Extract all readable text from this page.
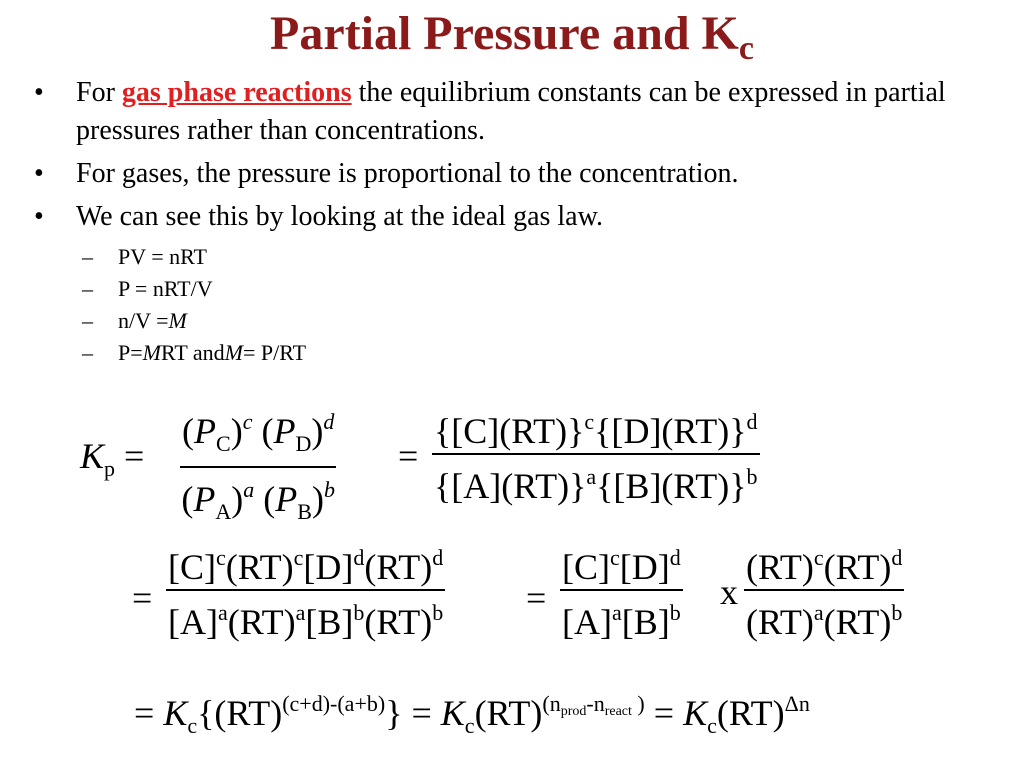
Partial Pressure and $K_c$
•	For gas phase reactions the equilibrium constants can be expressed in partial pressures rather than concentrations.
•	For gases, the pressure is proportional to the concentration.
•	We can see this by looking at the ideal gas law.
–	PV = nRT
–	P = nRT/V
–	n/V = M
–	P= M RT and M = P/RT
$K_p = \frac{(P_C)^c (P_D)^d}{(P_A)^a (P_B)^b} = \frac{\{[C](RT)\}^c\{[D](RT)\}^d}{\{[A](RT)\}^a\{[B](RT)\}^b}$
= $\frac{[C]^c(RT)^c[D]^d(RT)^d}{[A]^a(RT)^a[B]^b(RT)^b} = \frac{[C]^c[D]^d}{[A]^a[B]^b}$ x $\frac{(RT)^c(RT)^d}{(RT)^a(RT)^b}$
= $K_c\{(RT)^{(c+d)-(a+b)}\} = K_c(RT)^{(nprod-nreact )} = K_c(RT)^{\Delta n}$
